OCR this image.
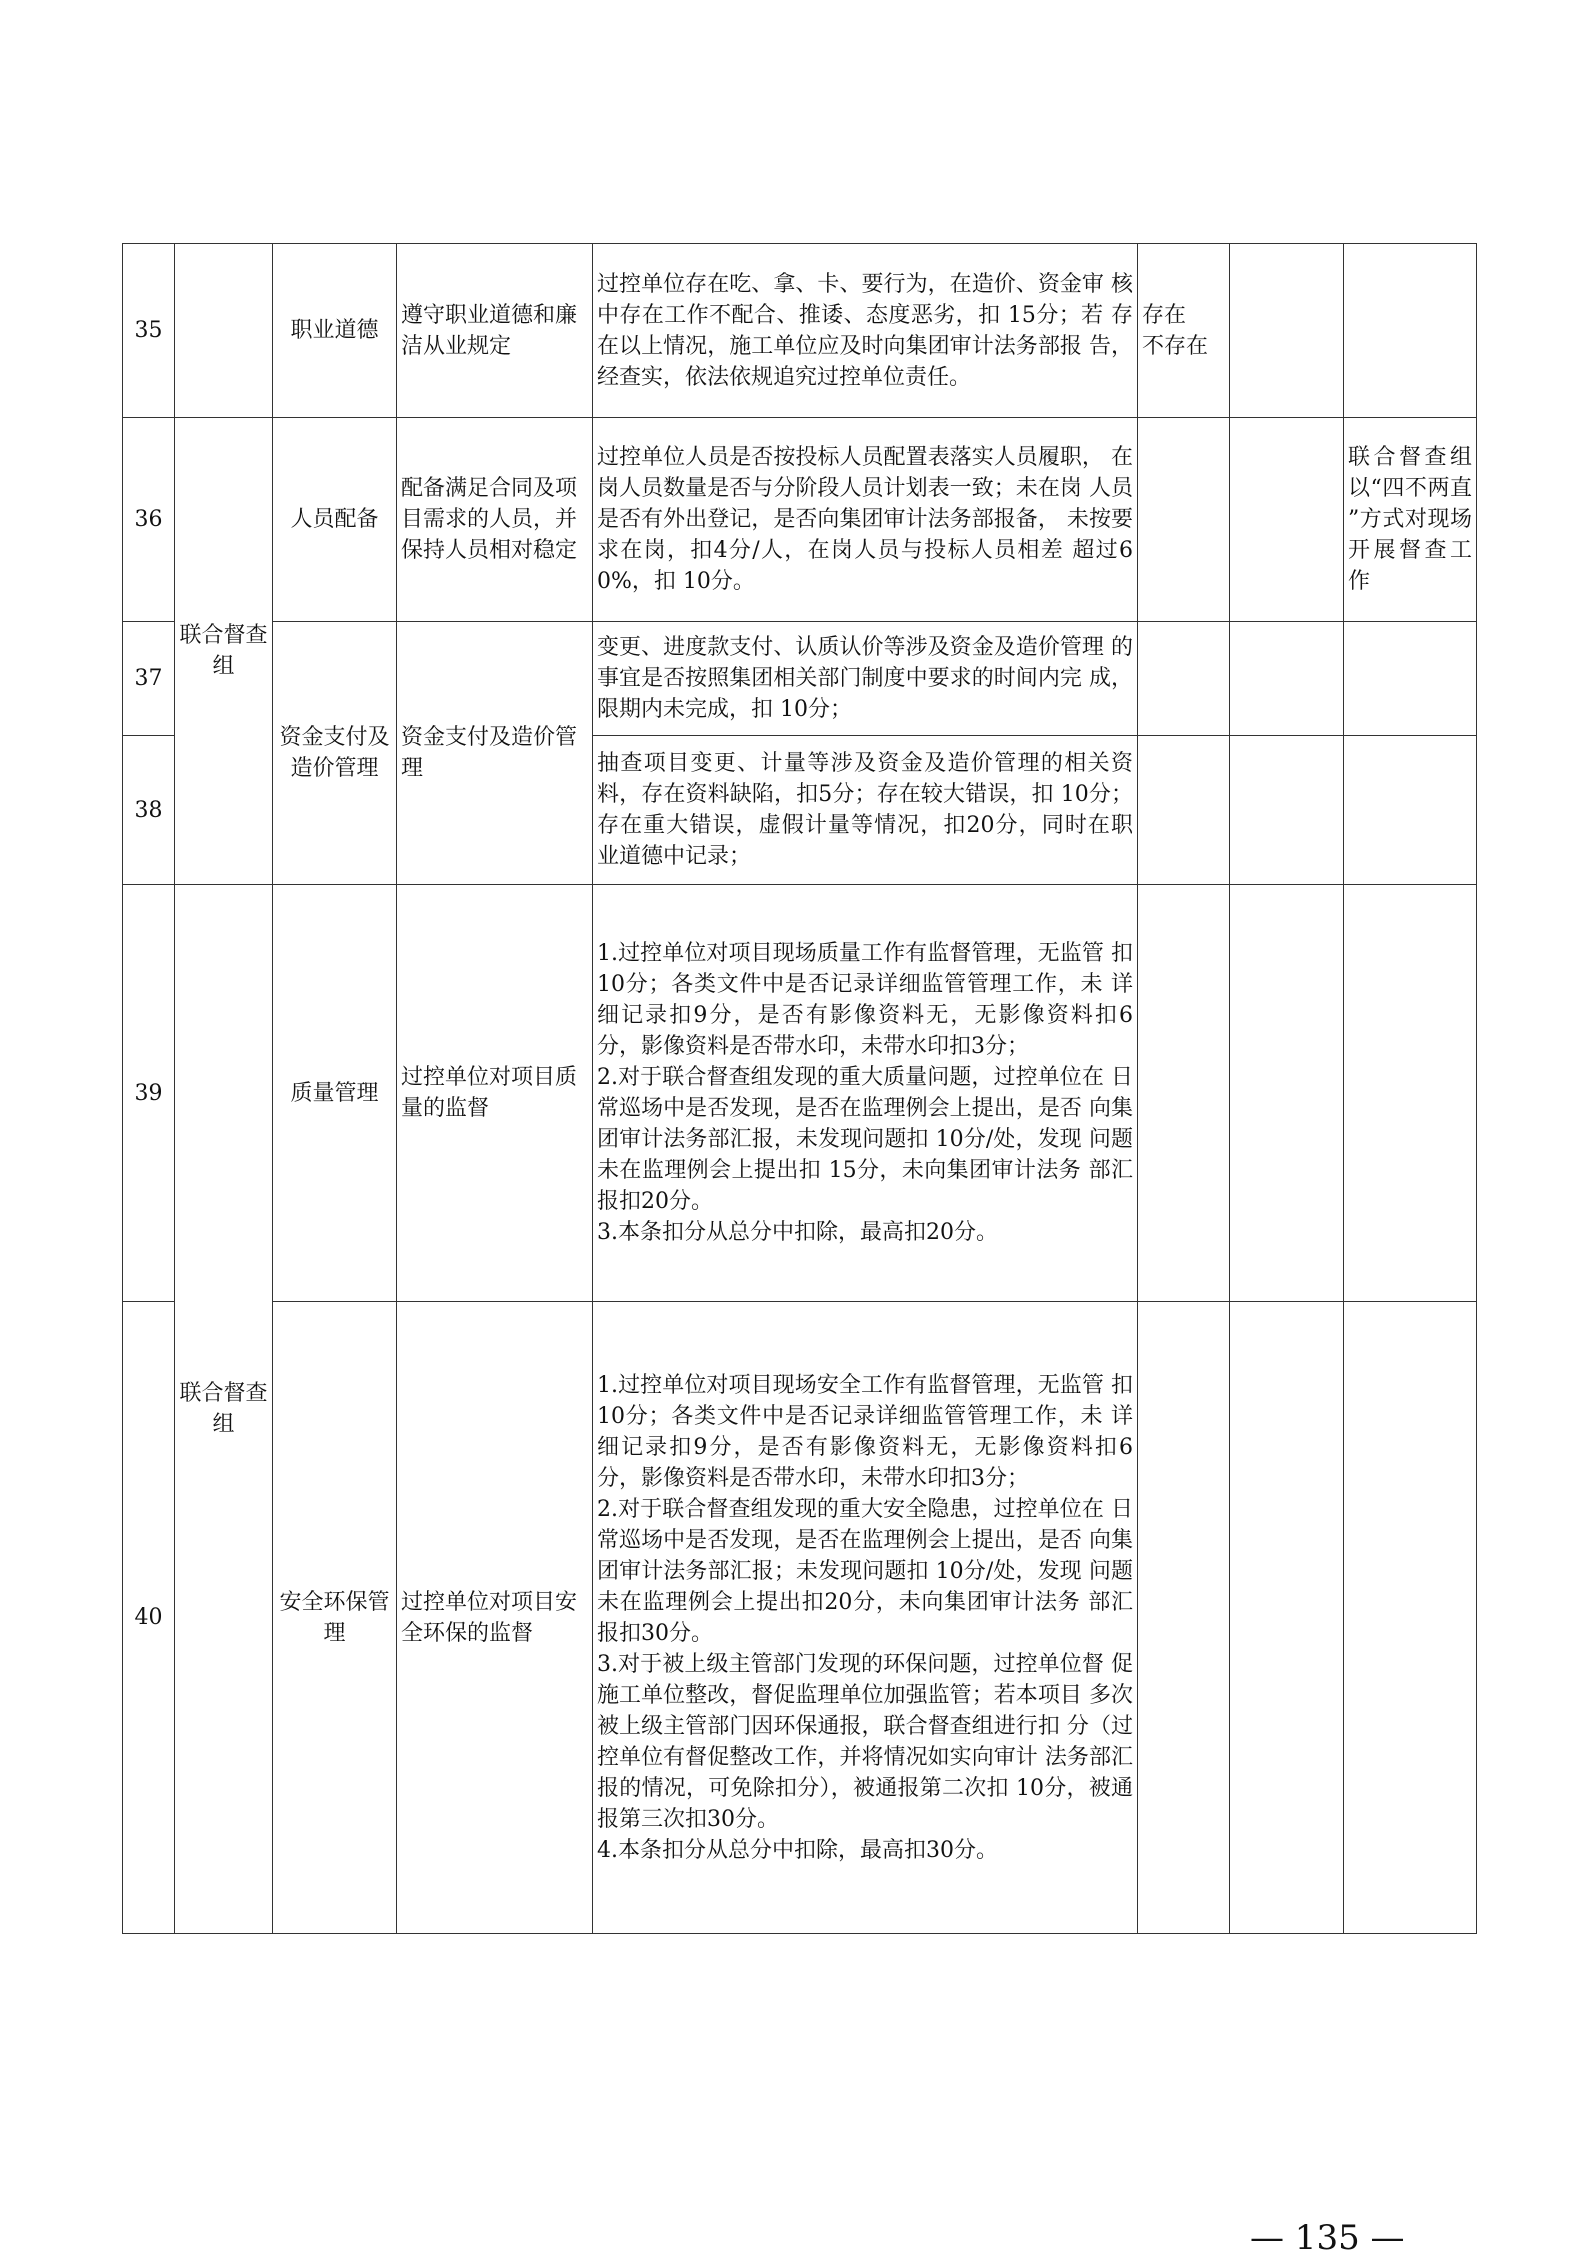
35		职业道德	遵守职业道德和廉 洁从业规定	过控单位存在吃、拿、卡、要行为，在造价、资金审 核中存在工作不配合、推诿、态度恶劣，扣 15分；若 存在以上情况，施工单位应及时向集团审计法务部报 告，经查实，依法依规追究过控单位责任。	存在
不存在		
36	联合督查组	人员配备	配备满足合同及项 目需求的人员，并 保持人员相对稳定	过控单位人员是否按投标人员配置表落实人员履职， 在岗人员数量是否与分阶段人员计划表一致；未在岗 人员是否有外出登记，是否向集团审计法务部报备， 未按要求在岗，扣4分/人，在岗人员与投标人员相差 超过60%，扣 10分。			联合督查组 以“四不两直 ”方式对现场 开展督查工 作
37		资金支付及 造价管理	资金支付及造价管 理	变更、进度款支付、认质认价等涉及资金及造价管理 的事宜是否按照集团相关部门制度中要求的时间内完 成，限期内未完成，扣 10分；			

38				抽查项目变更、计量等涉及资金及造价管理的相关资 料，存在资料缺陷，扣5分；存在较大错误，扣 10分； 存在重大错误，虚假计量等情况，扣20分，同时在职 业道德中记录；			

39	联合督查组	质量管理	过控单位对项目质 量的监督	1.过控单位对项目现场质量工作有监督管理，无监管 扣 10分；各类文件中是否记录详细监管管理工作，未 详细记录扣9分，是否有影像资料无，无影像资料扣6 分，影像资料是否带水印，未带水印扣3分；
2.对于联合督查组发现的重大质量问题，过控单位在 日常巡场中是否发现，是否在监理例会上提出，是否 向集团审计法务部汇报，未发现问题扣 10分/处，发现 问题未在监理例会上提出扣 15分，未向集团审计法务 部汇报扣20分。
3.本条扣分从总分中扣除，最高扣20分。			

40		安全环保管 理	过控单位对项目安 全环保的监督	1.过控单位对项目现场安全工作有监督管理，无监管 扣 10分；各类文件中是否记录详细监管管理工作，未 详细记录扣9分，是否有影像资料无，无影像资料扣6 分，影像资料是否带水印，未带水印扣3分；
2.对于联合督查组发现的重大安全隐患，过控单位在 日常巡场中是否发现，是否在监理例会上提出，是否 向集团审计法务部汇报；未发现问题扣 10分/处，发现 问题未在监理例会上提出扣20分，未向集团审计法务 部汇报扣30分。
3.对于被上级主管部门发现的环保问题，过控单位督 促施工单位整改，督促监理单位加强监管；若本项目 多次被上级主管部门因环保通报，联合督查组进行扣 分（过控单位有督促整改工作，并将情况如实向审计 法务部汇报的情况，可免除扣分），被通报第二次扣 10分，被通报第三次扣30分。
4.本条扣分从总分中扣除，最高扣30分。			

— 135 —
